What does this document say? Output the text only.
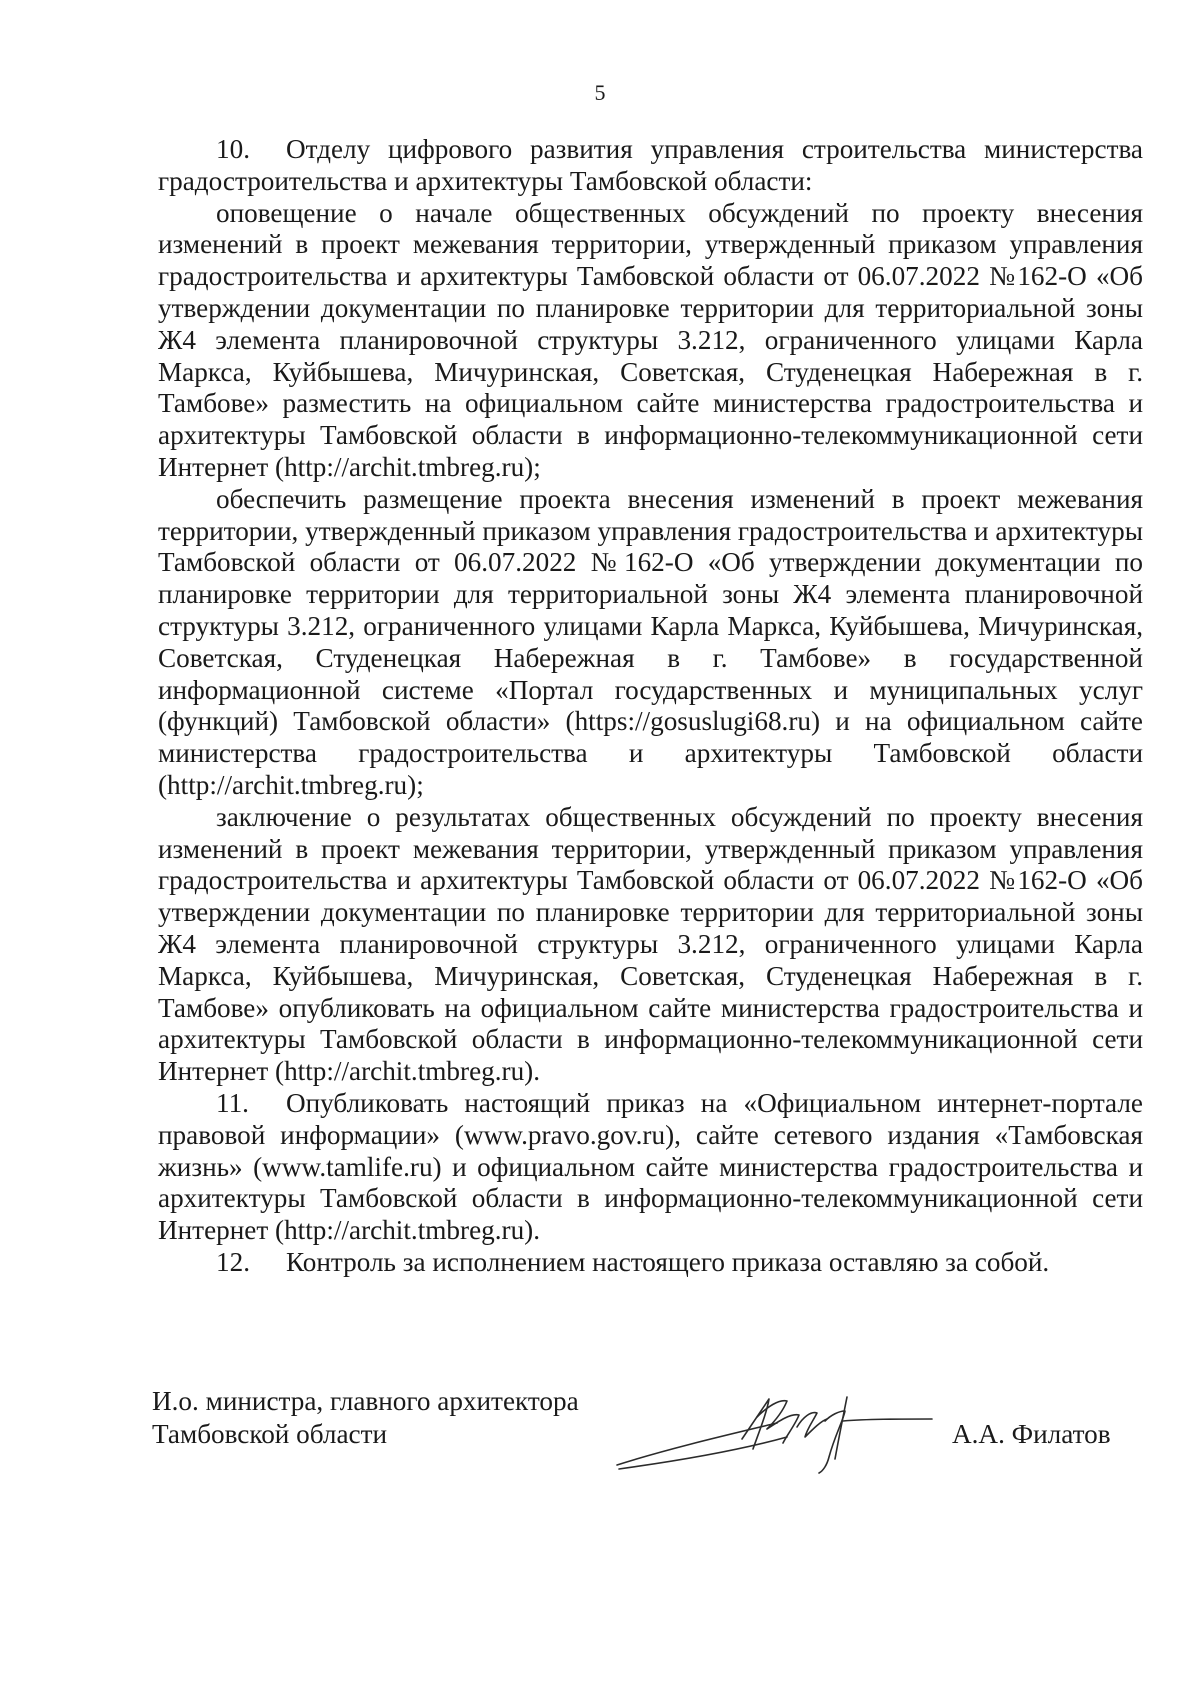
5

10. Отделу цифрового развития управления строительства министерства градостроительства и архитектуры Тамбовской области:

оповещение о начале общественных обсуждений по проекту внесения изменений в проект межевания территории, утвержденный приказом управления градостроительства и архитектуры Тамбовской области от 06.07.2022 №162-О «Об утверждении документации по планировке территории для территориальной зоны Ж4 элемента планировочной структуры 3.212, ограниченного улицами Карла Маркса, Куйбышева, Мичуринская, Советская, Студенецкая Набережная в г. Тамбове» разместить на официальном сайте министерства градостроительства и архитектуры Тамбовской области в информационно-телекоммуникационной сети Интернет (http://archit.tmbreg.ru);

обеспечить размещение проекта внесения изменений в проект межевания территории, утвержденный приказом управления градостроительства и архитектуры Тамбовской области от 06.07.2022 №162-О «Об утверждении документации по планировке территории для территориальной зоны Ж4 элемента планировочной структуры 3.212, ограниченного улицами Карла Маркса, Куйбышева, Мичуринская, Советская, Студенецкая Набережная в г. Тамбове» в государственной информационной системе «Портал государственных и муниципальных услуг (функций) Тамбовской области» (https://gosuslugi68.ru) и на официальном сайте министерства градостроительства и архитектуры Тамбовской области (http://archit.tmbreg.ru);

заключение о результатах общественных обсуждений по проекту внесения изменений в проект межевания территории, утвержденный приказом управления градостроительства и архитектуры Тамбовской области от 06.07.2022 №162-О «Об утверждении документации по планировке территории для территориальной зоны Ж4 элемента планировочной структуры 3.212, ограниченного улицами Карла Маркса, Куйбышева, Мичуринская, Советская, Студенецкая Набережная в г. Тамбове» опубликовать на официальном сайте министерства градостроительства и архитектуры Тамбовской области в информационно-телекоммуникационной сети Интернет (http://archit.tmbreg.ru).

11. Опубликовать настоящий приказ на «Официальном интернет-портале правовой информации» (www.pravo.gov.ru), сайте сетевого издания «Тамбовская жизнь» (www.tamlife.ru) и официальном сайте министерства градостроительства и архитектуры Тамбовской области в информационно-телекоммуникационной сети Интернет (http://archit.tmbreg.ru).

12. Контроль за исполнением настоящего приказа оставляю за собой.

И.о. министра, главного архитектора
Тамбовской области	А.А. Филатов
